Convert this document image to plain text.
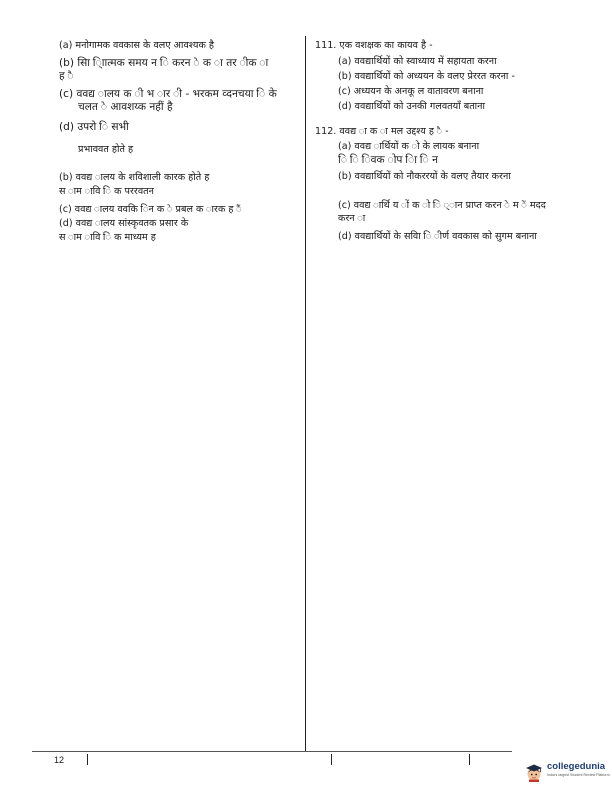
(a) मनोगामक ववकास के वलए आवश्यक है
(b) साि ि्ाात्मक समय न ि करन े क ा तर ीक ा
ह ै
(c) ववद्य ालय क ी भ ार ी - भरकम व्दनचया ि के
चलत े आवशय्क नहीं है
(d) उपरो ि सभी
प्रभाववत होते ह
(b) ववद्य ालय के शविशाली कारक होते ह
स ाम ावि ि क पररवतन
(c) ववद्य ालय ववकि िन क े प्रबल क ारक ह ैं
(d) ववद्य ालय सांस्कृवतक प्रसार के
स ाम ावि ि क माध्यम ह
111. एक वशक्षक का कायव है -
(a) ववद्यार्थियों को स्वाध्याय में सहायता करना
(b) ववद्यार्थियों को अध्ययन के वलए प्रेररत करना -
(c) अध्ययन के अनकू ल वातावरण बनाना
(d) ववद्यार्थियों को उनकी गलवतयाँ बताना
112. ववद्य ा क ा मल उद्दश्य ह ै -
(a) ववद्य ार्थियों क ो के लायक बनाना
ि ि िवक ोप ाि ि न
(b) ववद्यार्थियों को नौकररयों के वलए तैयार करना
(c) ववद्य ार्थि य ों क ो ि ्ान प्राप्त करन े म ें मदद
करन ा
(d) ववद्यार्थियों के सवाि ि ीर्ण ववकास को सुगम बनाना
12
collegedunia
India's largest Student Review Platform
